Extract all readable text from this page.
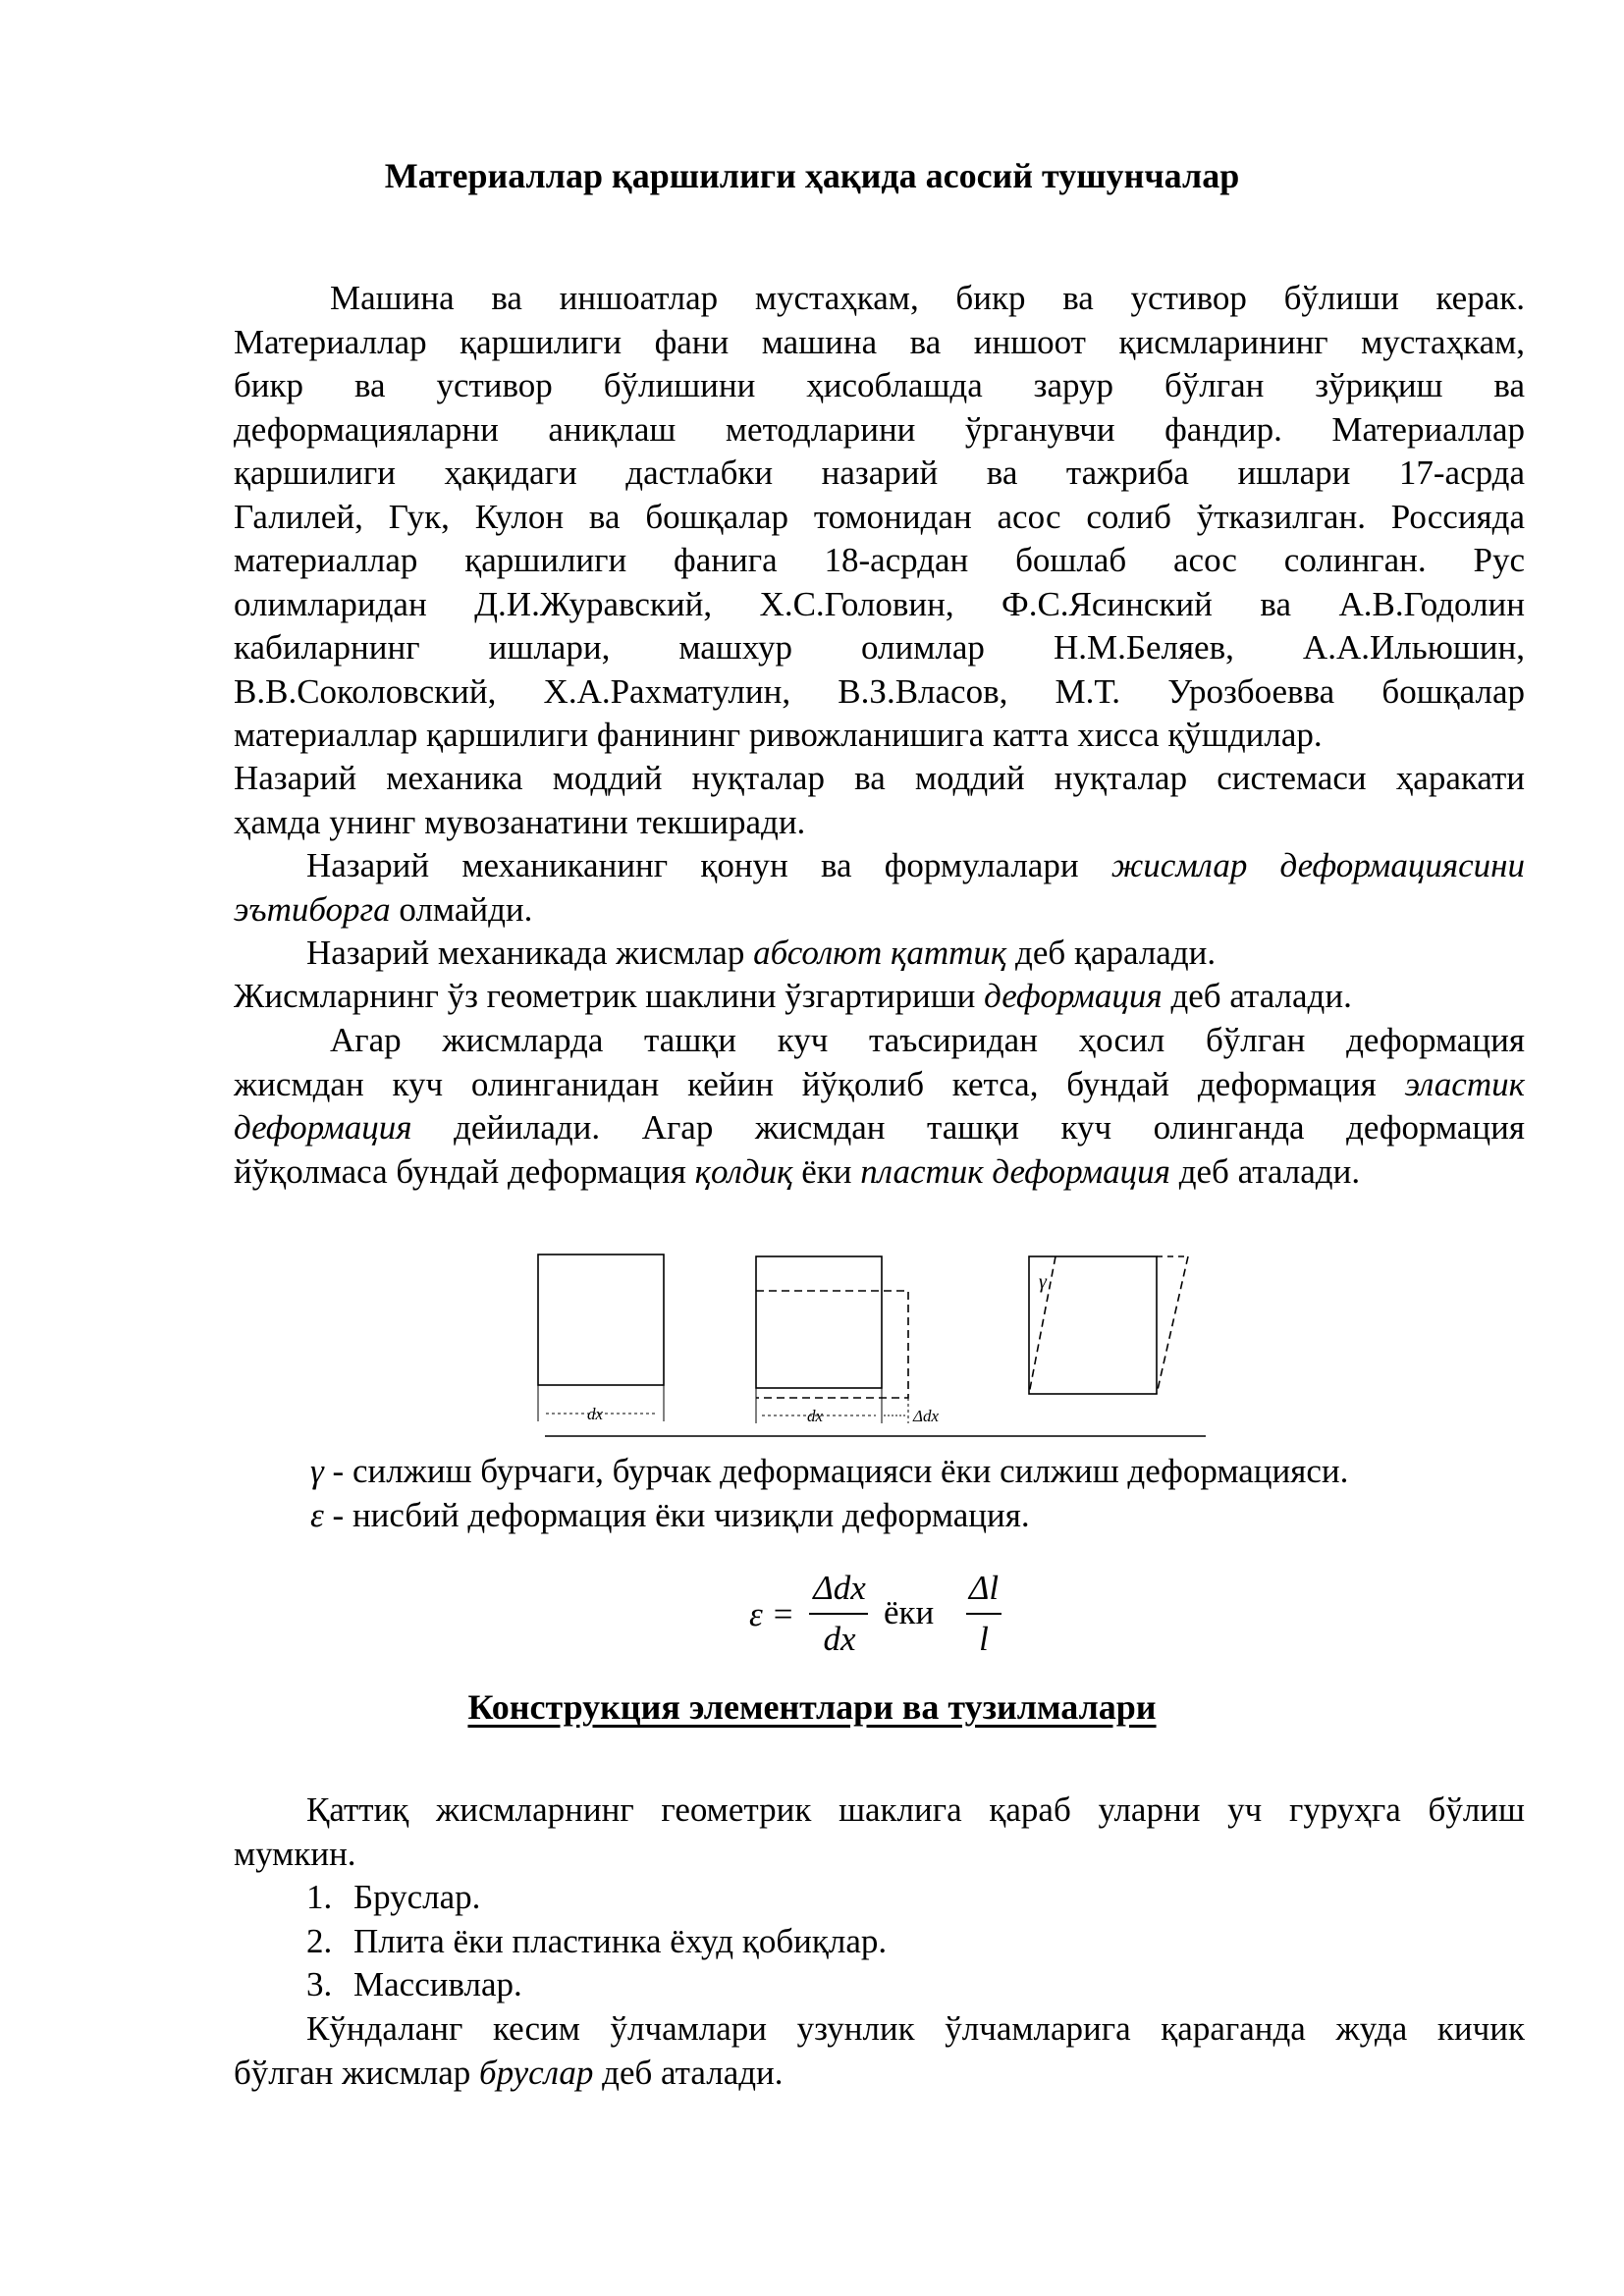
Материаллар қаршилиги ҳақида асосий тушунчалар
Машина ва иншоатлар мустаҳкам, бикр ва устивор бўлиши керак.
Материаллар қаршилиги фани машина ва иншоот қисмларининг мустаҳкам,
бикр ва устивор бўлишини ҳисоблашда зарур бўлган зўриқиш ва
деформацияларни аниқлаш методларини ўрганувчи фандир. Материаллар
қаршилиги ҳақидаги дастлабки назарий ва тажриба ишлари 17-асрда
Галилей, Гук, Кулон ва бошқалар томонидан асос солиб ўтказилган. Россияда
материаллар қаршилиги фанига 18-асрдан бошлаб асос солинган. Рус
олимларидан Д.И.Журавский, Х.С.Головин, Ф.С.Ясинский ва А.В.Годолин
кабиларнинг ишлари, машхур олимлар Н.М.Беляев, А.А.Ильюшин,
В.В.Соколовский, Х.А.Рахматулин, В.З.Власов, М.Т. Урозбоевва бошқалар
материаллар қаршилиги фанининг ривожланишига катта хисса қўшдилар.
Назарий механика моддий нуқталар ва моддий нуқталар системаси ҳаракати
ҳамда унинг мувозанатини текширади.
Назарий механиканинг қонун ва формулалари жисмлар деформациясини
эътиборга олмайди.
Назарий механикада жисмлар абсолют қаттиқ деб қаралади.
Жисмларнинг ўз геометрик шаклини ўзгартириши деформация деб аталади.
Агар жисмларда ташқи куч таъсиридан ҳосил бўлган деформация
жисмдан куч олинганидан кейин йўқолиб кетса, бундай деформация эластик
деформация дейилади. Агар жисмдан ташқи куч олинганда деформация
йўқолмаса бундай деформация қолдиқ ёки пластик деформация деб аталади.
dx	dx	Δdx
γ
γ - силжиш бурчаги, бурчак деформацияси ёки силжиш деформацияси.
ε - нисбий деформация ёки чизиқли деформация.
ε =
Δdx
dx
ёки
Δl
l
Конструкция элементлари ва тузилмалари
Қаттиқ жисмларнинг геометрик шаклига қараб уларни уч гуруҳга бўлиш
мумкин.
1. Бруслар.
2. Плита ёки пластинка ёхуд қобиқлар.
3. Массивлар.
Кўндаланг кесим ўлчамлари узунлик ўлчамларига қараганда жуда кичик
бўлган жисмлар бруслар деб аталади.
